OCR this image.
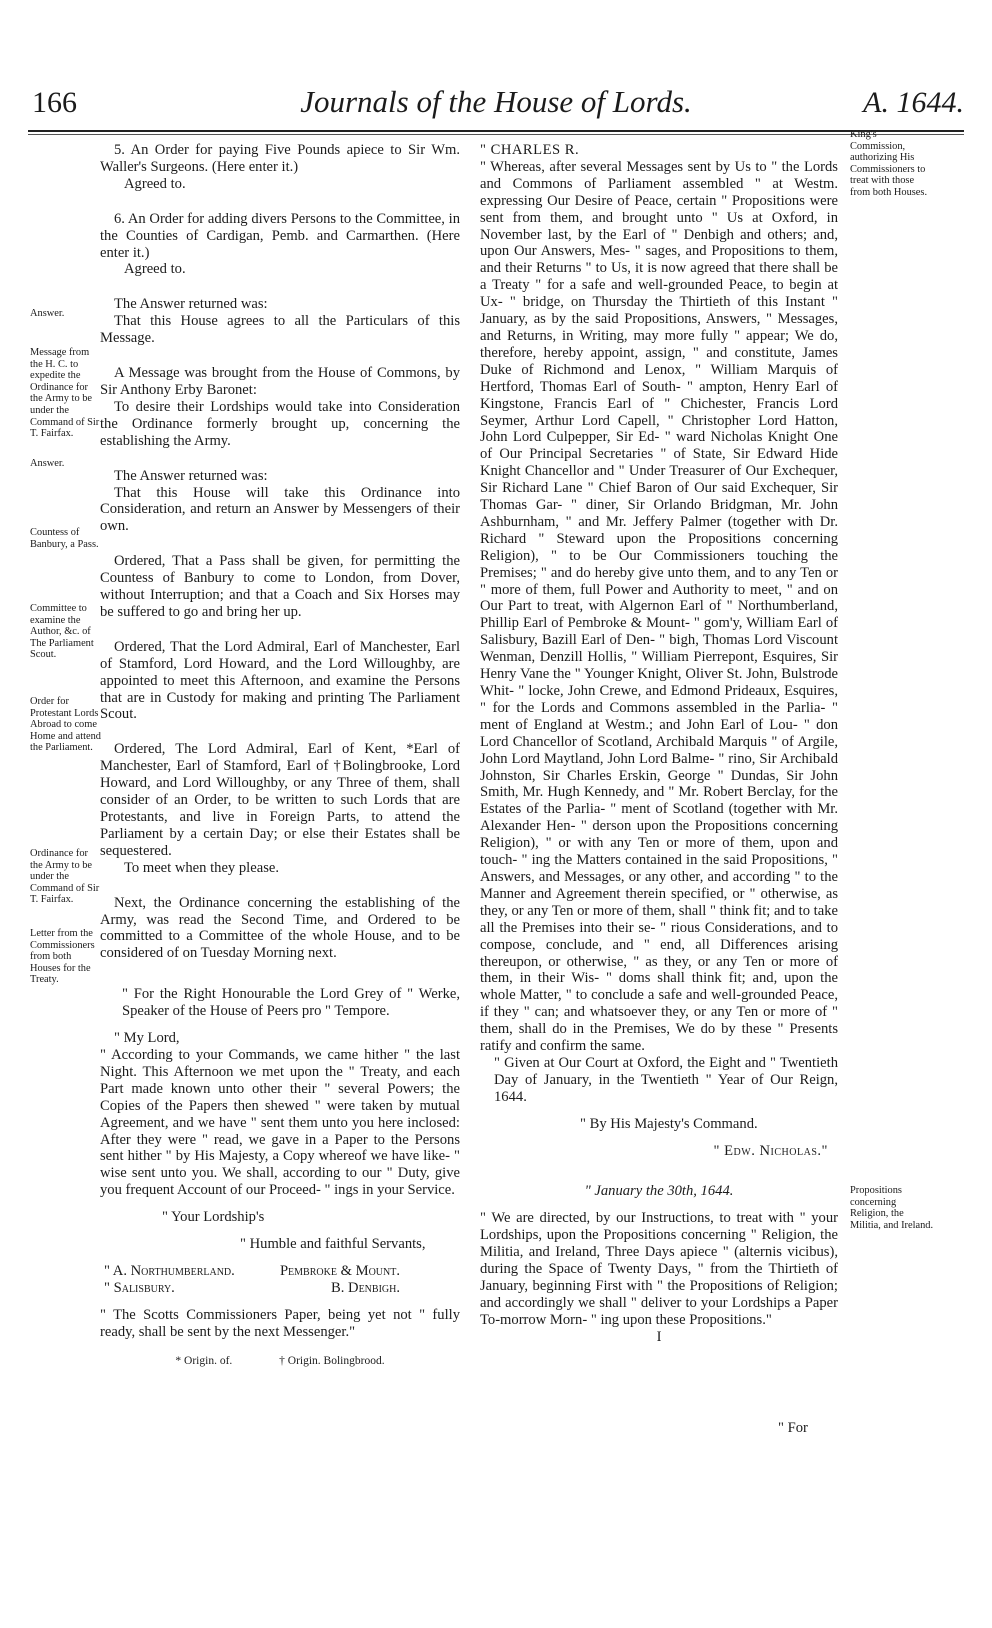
166	Journals of the House of Lords.	A. 1644.
Answer.
Message from the H. C. to expedite the Ordinance for the Army to be under the Command of Sir T. Fairfax.
Answer.
Countess of Banbury, a Pass.
Committee to examine the Author, &c. of The Parliament Scout.
Order for Protestant Lords Abroad to come Home and attend the Parliament.
Ordinance for the Army to be under the Command of Sir T. Fairfax.
Letter from the Commissioners from both Houses for the Treaty.
King's Commission, authorizing His Commissioners to treat with those from both Houses.
Propositions concerning Religion, the Militia, and Ireland.

5. An Order for paying Five Pounds apiece to Sir Wm. Waller's Surgeons. (Here enter it.)

Agreed to.

6. An Order for adding divers Persons to the Committee, in the Counties of Cardigan, Pemb. and Carmarthen. (Here enter it.)

Agreed to.

The Answer returned was:

That this House agrees to all the Particulars of this Message.

A Message was brought from the House of Commons, by Sir Anthony Erby Baronet:

To desire their Lordships would take into Consideration the Ordinance formerly brought up, concerning the establishing the Army.

The Answer returned was:

That this House will take this Ordinance into Consideration, and return an Answer by Messengers of their own.

Ordered, That a Pass shall be given, for permitting the Countess of Banbury to come to London, from Dover, without Interruption; and that a Coach and Six Horses may be suffered to go and bring her up.

Ordered, That the Lord Admiral, Earl of Manchester, Earl of Stamford, Lord Howard, and the Lord Willoughby, are appointed to meet this Afternoon, and examine the Persons that are in Custody for making and printing The Parliament Scout.

Ordered, The Lord Admiral, Earl of Kent, *Earl of Manchester, Earl of Stamford, Earl of †Bolingbrooke, Lord Howard, and Lord Willoughby, or any Three of them, shall consider of an Order, to be written to such Lords that are Protestants, and live in Foreign Parts, to attend the Parliament by a certain Day; or else their Estates shall be sequestered.

To meet when they please.

Next, the Ordinance concerning the establishing of the Army, was read the Second Time, and Ordered to be committed to a Committee of the whole House, and to be considered of on Tuesday Morning next.

" For the Right Honourable the Lord Grey of " Werke, Speaker of the House of Peers pro " Tempore.

" My Lord,

" According to your Commands, we came hither " the last Night. This Afternoon we met upon the " Treaty, and each Part made known unto other their " several Powers; the Copies of the Papers then shewed " were taken by mutual Agreement, and we have " sent them unto you here inclosed: After they were " read, we gave in a Paper to the Persons sent hither " by His Majesty, a Copy whereof we have like- " wise sent unto you. We shall, according to our " Duty, give you frequent Account of our Proceed- " ings in your Service.

" Your Lordship's

" Humble and faithful Servants,

" A. Northumberland.	Pembroke & Mount.
" Salisbury.	B. Denbigh.

" The Scotts Commissioners Paper, being yet not " fully ready, shall be sent by the next Messenger."

* Origin. of.	† Origin. Bolingbrood.

" CHARLES R.

" Whereas, after several Messages sent by Us to " the Lords and Commons of Parliament assembled " at Westm. expressing Our Desire of Peace, certain " Propositions were sent from them, and brought unto " Us at Oxford, in November last, by the Earl of " Denbigh and others; and, upon Our Answers, Mes- " sages, and Propositions to them, and their Returns " to Us, it is now agreed that there shall be a Treaty " for a safe and well-grounded Peace, to begin at Ux- " bridge, on Thursday the Thirtieth of this Instant " January, as by the said Propositions, Answers, " Messages, and Returns, in Writing, may more fully " appear; We do, therefore, hereby appoint, assign, " and constitute, James Duke of Richmond and Lenox, " William Marquis of Hertford, Thomas Earl of South- " ampton, Henry Earl of Kingstone, Francis Earl of " Chichester, Francis Lord Seymer, Arthur Lord Capell, " Christopher Lord Hatton, John Lord Culpepper, Sir Ed- " ward Nicholas Knight One of Our Principal Secretaries " of State, Sir Edward Hide Knight Chancellor and " Under Treasurer of Our Exchequer, Sir Richard Lane " Chief Baron of Our said Exchequer, Sir Thomas Gar- " diner, Sir Orlando Bridgman, Mr. John Ashburnham, " and Mr. Jeffery Palmer (together with Dr. Richard " Steward upon the Propositions concerning Religion), " to be Our Commissioners touching the Premises; " and do hereby give unto them, and to any Ten or " more of them, full Power and Authority to meet, " and on Our Part to treat, with Algernon Earl of " Northumberland, Phillip Earl of Pembroke & Mount- " gom'y, William Earl of Salisbury, Bazill Earl of Den- " bigh, Thomas Lord Viscount Wenman, Denzill Hollis, " William Pierrepont, Esquires, Sir Henry Vane the " Younger Knight, Oliver St. John, Bulstrode Whit- " locke, John Crewe, and Edmond Prideaux, Esquires, " for the Lords and Commons assembled in the Parlia- " ment of England at Westm.; and John Earl of Lou- " don Lord Chancellor of Scotland, Archibald Marquis " of Argile, John Lord Maytland, John Lord Balme- " rino, Sir Archibald Johnston, Sir Charles Erskin, George " Dundas, Sir John Smith, Mr. Hugh Kennedy, and " Mr. Robert Berclay, for the Estates of the Parlia- " ment of Scotland (together with Mr. Alexander Hen- " derson upon the Propositions concerning Religion), " or with any Ten or more of them, upon and touch- " ing the Matters contained in the said Propositions, " Answers, and Messages, or any other, and according " to the Manner and Agreement therein specified, or " otherwise, as they, or any Ten or more of them, shall " think fit; and to take all the Premises into their se- " rious Considerations, and to compose, conclude, and " end, all Differences arising thereupon, or otherwise, " as they, or any Ten or more of them, in their Wis- " doms shall think fit; and, upon the whole Matter, " to conclude a safe and well-grounded Peace, if they " can; and whatsoever they, or any Ten or more of " them, shall do in the Premises, We do by these " Presents ratify and confirm the same.

" Given at Our Court at Oxford, the Eight and " Twentieth Day of January, in the Twentieth " Year of Our Reign, 1644.

" By His Majesty's Command.

" Edw. Nicholas."

" January the 30th, 1644.

" We are directed, by our Instructions, to treat with " your Lordships, upon the Propositions concerning " Religion, the Militia, and Ireland, Three Days apiece " (alternis vicibus), during the Space of Twenty Days, " from the Thirtieth of January, beginning First with " the Propositions of Religion; and accordingly we shall " deliver to your Lordships a Paper To-morrow Morn- " ing upon these Propositions."

I

" For
